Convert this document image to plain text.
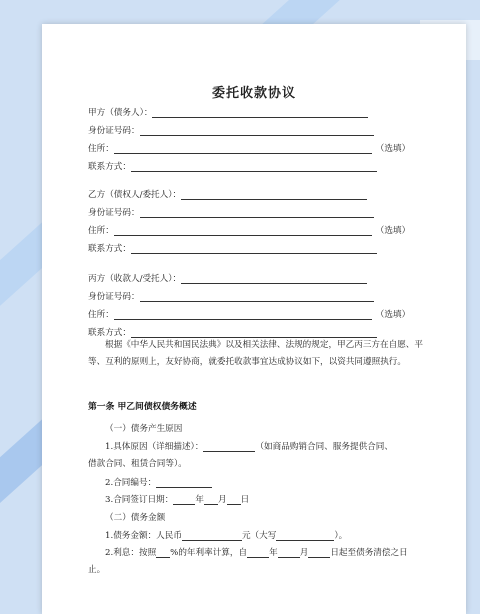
委托收款协议
甲方（债务人）：
身份证号码：
住所：	（选填）
联系方式：
乙方（债权人/委托人）：
身份证号码：
住所：	（选填）
联系方式：
丙方（收款人/受托人）：
身份证号码：
住所：	（选填）
联系方式：
根据《中华人民共和国民法典》以及相关法律、法规的规定，甲乙丙三方在自愿、平等、互利的原则上，友好协商，就委托收款事宜达成协议如下，以资共同遵照执行。
第一条 甲乙间债权债务概述
（一）债务产生原因
1.具体原因（详细描述）：	（如商品购销合同、服务提供合同、
借款合同、租赁合同等）。
2.合同编号：
3.合同签订日期：	年 月 日
（二）债务金额
1.债务金额：人民币	元（大写	）。
2.利息：按照 %的年利率计算，自	年	月	日起至债务清偿之日
止。
